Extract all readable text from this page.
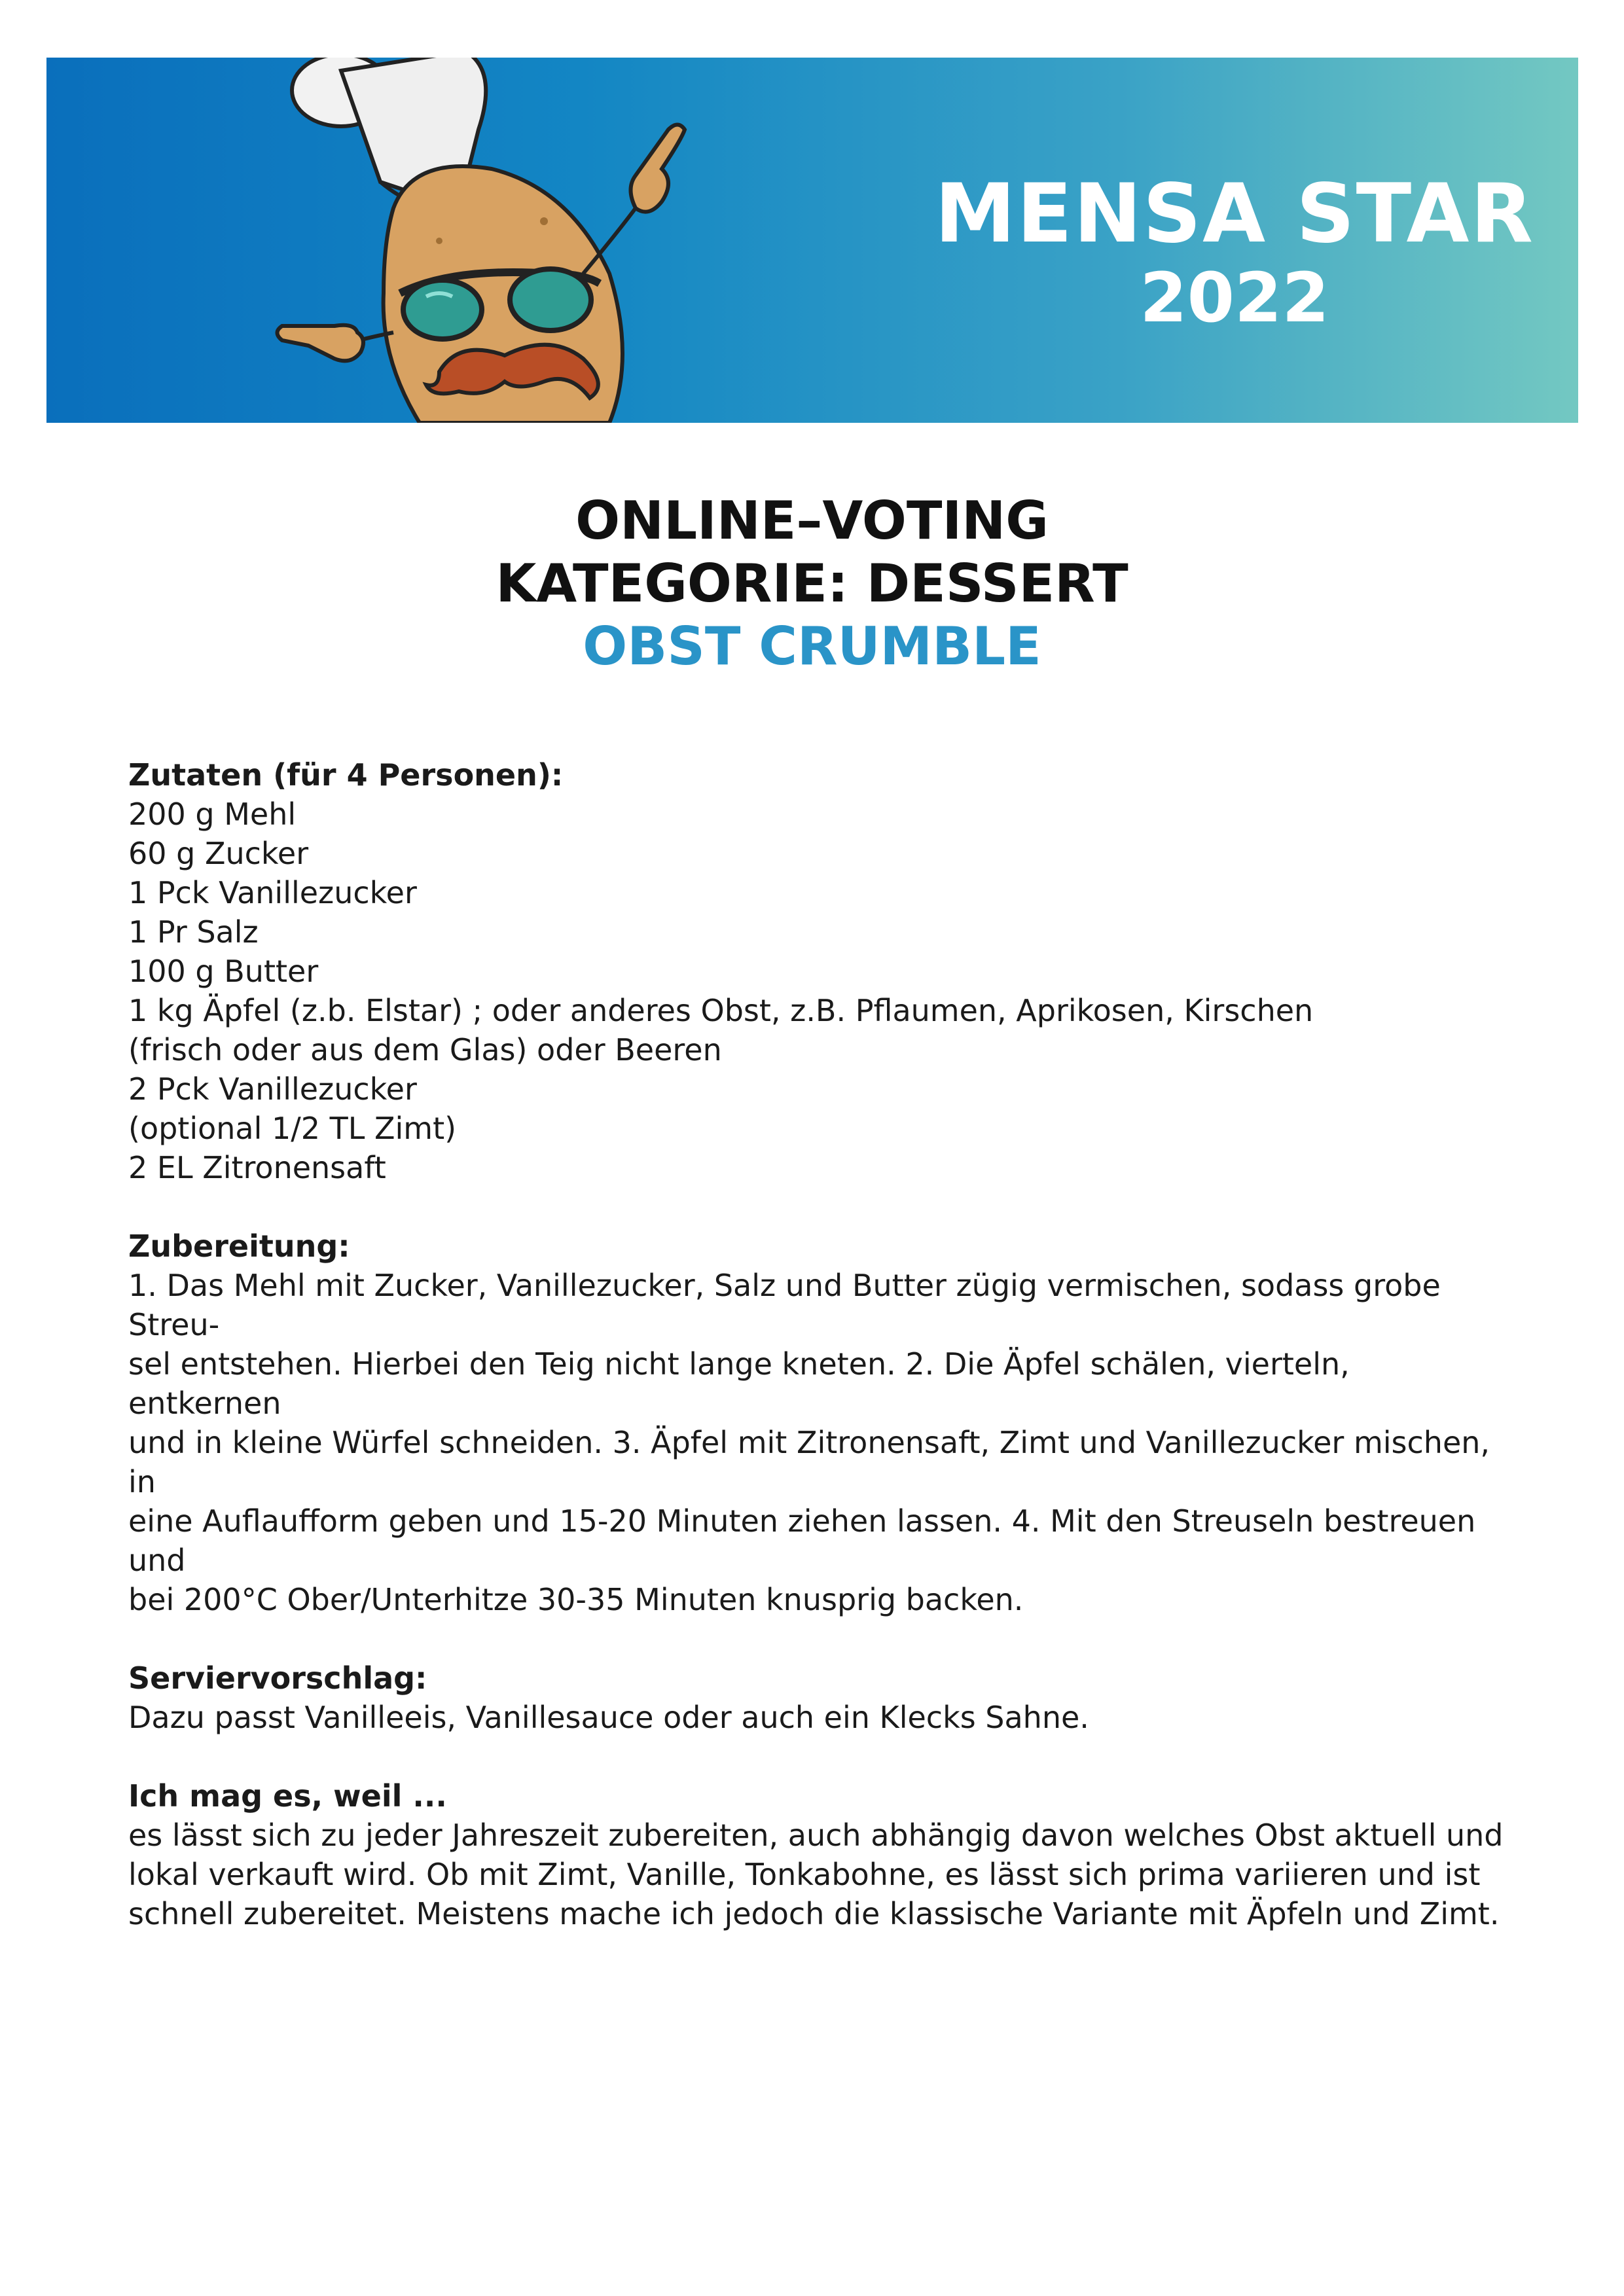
MENSA STAR
2022
ONLINE–VOTING
KATEGORIE: DESSERT
OBST CRUMBLE
Zutaten (für 4 Personen):
200 g Mehl
60 g Zucker
1 Pck Vanillezucker
1 Pr Salz
100 g Butter
1 kg Äpfel (z.b. Elstar) ; oder anderes Obst, z.B. Pflaumen, Aprikosen, Kirschen
(frisch oder aus dem Glas) oder Beeren
2 Pck Vanillezucker
(optional 1/2 TL Zimt)
2 EL Zitronensaft
Zubereitung:
1. Das Mehl mit Zucker, Vanillezucker, Salz und Butter zügig vermischen, sodass grobe Streu-
sel entstehen. Hierbei den Teig nicht lange kneten. 2. Die Äpfel schälen, vierteln, entkernen
und in kleine Würfel schneiden. 3. Äpfel mit Zitronensaft, Zimt und Vanillezucker mischen, in
eine Auflaufform geben und 15-20 Minuten ziehen lassen. 4. Mit den Streuseln bestreuen und
bei 200°C Ober/Unterhitze 30-35 Minuten knusprig backen.
Serviervorschlag:
Dazu passt Vanilleeis, Vanillesauce oder auch ein Klecks Sahne.
Ich mag es, weil ...
es lässt sich zu jeder Jahreszeit zubereiten, auch abhängig davon welches Obst aktuell und
lokal verkauft wird. Ob mit Zimt, Vanille, Tonkabohne, es lässt sich prima variieren und ist
schnell zubereitet. Meistens mache ich jedoch die klassische Variante mit Äpfeln und Zimt.
